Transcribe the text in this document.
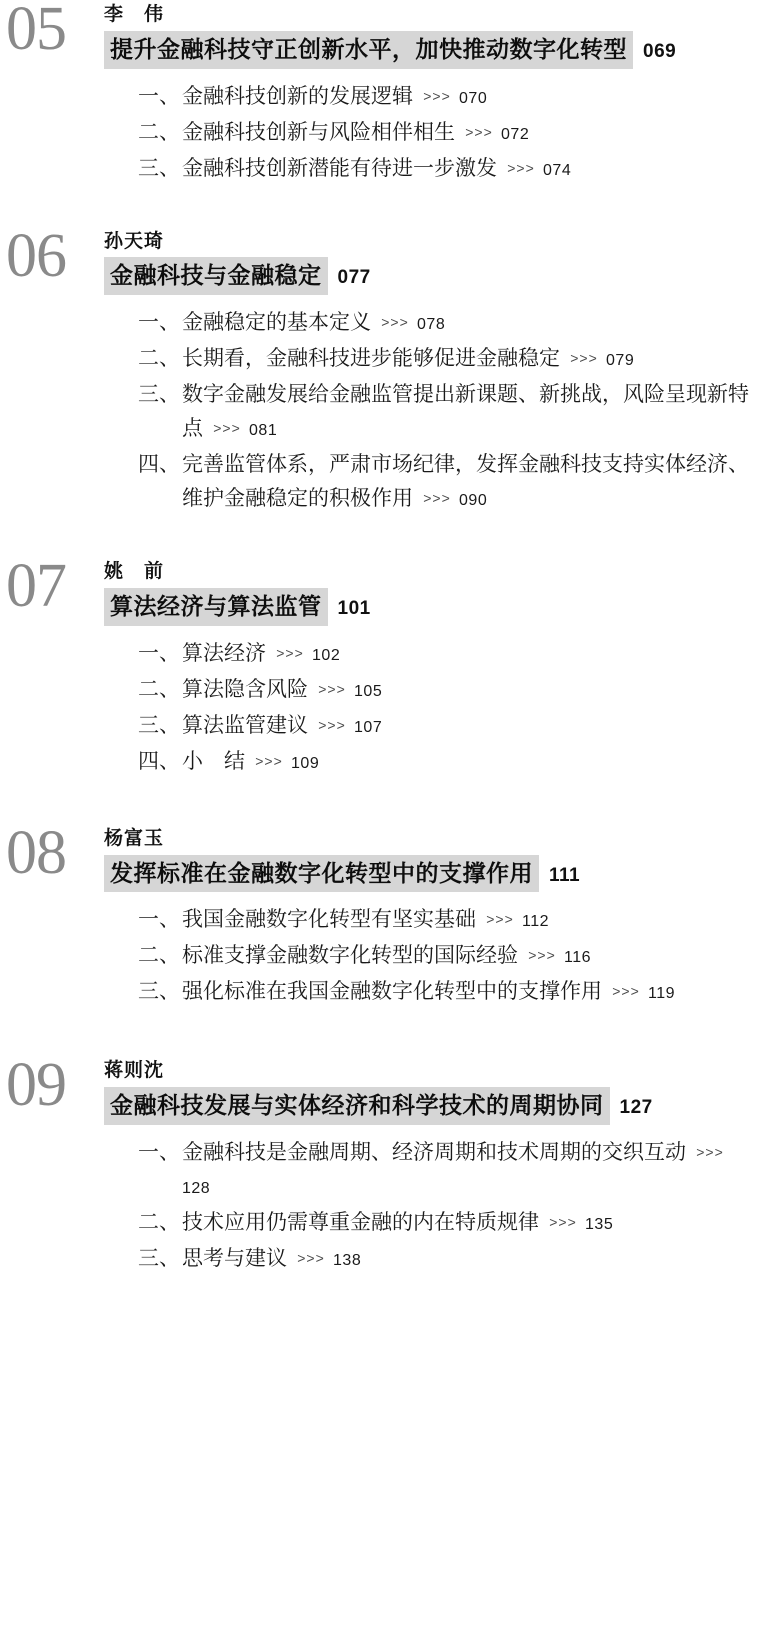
05 李　伟
提升金融科技守正创新水平，加快推动数字化转型 069
一、 金融科技创新的发展逻辑 >>> 070
二、 金融科技创新与风险相伴相生 >>> 072
三、 金融科技创新潜能有待进一步激发 >>> 074
06 孙天琦
金融科技与金融稳定 077
一、 金融稳定的基本定义 >>> 078
二、 长期看，金融科技进步能够促进金融稳定 >>> 079
三、 数字金融发展给金融监管提出新课题、新挑战，风险呈现新特点 >>> 081
四、 完善监管体系，严肃市场纪律，发挥金融科技支持实体经济、维护金融稳定的积极作用 >>> 090
07 姚　前
算法经济与算法监管 101
一、 算法经济 >>> 102
二、 算法隐含风险 >>> 105
三、 算法监管建议 >>> 107
四、 小　结 >>> 109
08 杨富玉
发挥标准在金融数字化转型中的支撑作用 111
一、 我国金融数字化转型有坚实基础 >>> 112
二、 标准支撑金融数字化转型的国际经验 >>> 116
三、 强化标准在我国金融数字化转型中的支撑作用 >>> 119
09 蒋则沈
金融科技发展与实体经济和科学技术的周期协同 127
一、 金融科技是金融周期、经济周期和技术周期的交织互动 >>> 128
二、 技术应用仍需尊重金融的内在特质规律 >>> 135
三、 思考与建议 >>> 138
